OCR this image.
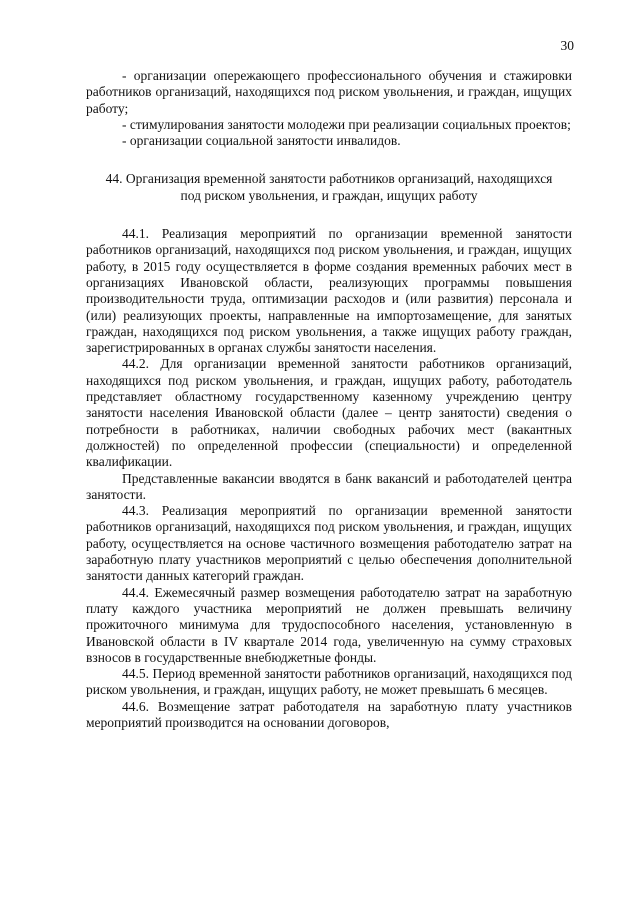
30

- организации опережающего профессионального обучения и стажировки работников организаций, находящихся под риском увольнения, и граждан, ищущих работу;

- стимулирования занятости молодежи при реализации социальных проектов;

- организации социальной занятости инвалидов.

44. Организация временной занятости работников организаций, находящихся под риском увольнения, и граждан, ищущих работу

44.1. Реализация мероприятий по организации временной занятости работников организаций, находящихся под риском увольнения, и граждан, ищущих работу, в 2015 году осуществляется в форме создания временных рабочих мест в организациях Ивановской области, реализующих программы повышения производительности труда, оптимизации расходов и (или развития) персонала и (или) реализующих проекты, направленные на импортозамещение, для занятых граждан, находящихся под риском увольнения, а также ищущих работу граждан, зарегистрированных в органах службы занятости населения.

44.2. Для организации временной занятости работников организаций, находящихся под риском увольнения, и граждан, ищущих работу, работодатель представляет областному государственному казенному учреждению центру занятости населения Ивановской области (далее – центр занятости) сведения о потребности в работниках, наличии свободных рабочих мест (вакантных должностей) по определенной профессии (специальности) и определенной квалификации.

Представленные вакансии вводятся в банк вакансий и работодателей центра занятости.

44.3. Реализация мероприятий по организации временной занятости работников организаций, находящихся под риском увольнения, и граждан, ищущих работу, осуществляется на основе частичного возмещения работодателю затрат на заработную плату участников мероприятий с целью обеспечения дополнительной занятости данных категорий граждан.

44.4. Ежемесячный размер возмещения работодателю затрат на заработную плату каждого участника мероприятий не должен превышать величину прожиточного минимума для трудоспособного населения, установленную в Ивановской области в IV квартале 2014 года, увеличенную на сумму страховых взносов в государственные внебюджетные фонды.

44.5. Период временной занятости работников организаций, находящихся под риском увольнения, и граждан, ищущих работу, не может превышать 6 месяцев.

44.6. Возмещение затрат работодателя на заработную плату участников мероприятий производится на основании договоров,
